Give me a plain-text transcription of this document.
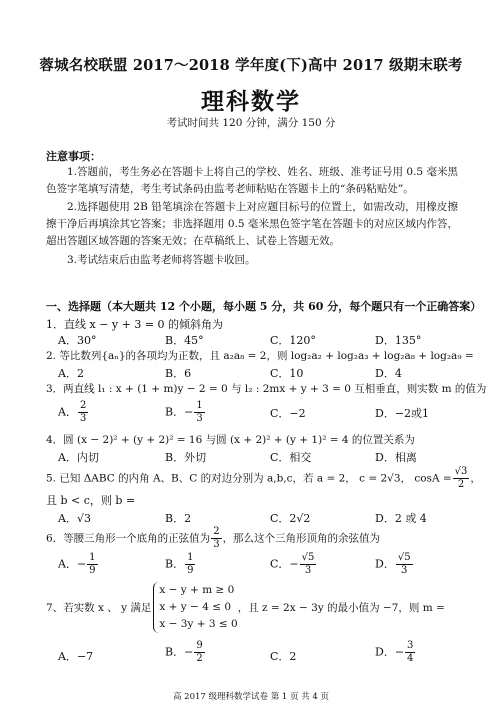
蓉城名校联盟 2017～2018 学年度(下)高中 2017 级期末联考
理科数学
考试时间共 120 分钟，满分 150 分
注意事项：
1.答题前，考生务必在答题卡上将自己的学校、姓名、班级、准考证号用 0.5 毫米黑色签字笔填写清楚，考生考试条码由监考老师粘贴在答题卡上的“条码粘贴处”。
2.选择题使用 2B 铅笔填涂在答题卡上对应题目标号的位置上，如需改动，用橡皮擦擦干净后再填涂其它答案；非选择题用 0.5 毫米黑色签字笔在答题卡的对应区域内作答，超出答题区域答题的答案无效；在草稿纸上、试卷上答题无效。
3.考试结束后由监考老师将答题卡收回。
一、选择题（本大题共 12 个小题，每小题 5 分，共 60 分，每个题只有一个正确答案）
1．直线 x − y + 3 = 0 的倾斜角为
A．30°	B．45°	C．120°	D．135°
2. 等比数列{aₙ}的各项均为正数，且 a₂a₈ = 2，则 log₂a₂ + log₂a₃ + log₂a₈ + log₂a₉ =
A．2	B．6	C．10	D．4
3．两直线 l₁ : x + (1 + m)y − 2 = 0 与 l₂ : 2mx + y + 3 = 0 互相垂直，则实数 m 的值为
A． $\frac{2}{3}$	B．− $\frac{1}{3}$	C．−2	D．−2或1
4．圆 (x − 2)² + (y + 2)² = 16 与圆 (x + 2)² + (y + 1)² = 4 的位置关系为
A．内切	B．外切	C．相交	D．相离
5. 已知 ΔABC 的内角 A、B、C 的对边分别为 a,b,c，若 a = 2， c = 2√3， $\cos A = \frac{√3}{2}$ ，
且 b < c，则 b =
A．√3	B．2	C．2√2	D．2 或 4
6．等腰三角形一个底角的正弦值为 $\frac{2}{3}$ ，那么这个三角形顶角的余弦值为
A．− $\frac{1}{9}$	B． $\frac{1}{9}$	C．− $\frac{√5}{3}$	D． $\frac{√5}{3}$
7、若实数 x 、 y 满足
x − y + m ≥ 0
x + y − 4 ≤ 0
x − 3y + 3 ≤ 0
，且 z = 2x − 3y 的最小值为 −7，则 m =
A．−7	B．− $\frac{9}{2}$	C．2	D．− $\frac{3}{4}$
高 2017 级理科数学试卷 第 1 页 共 4 页
